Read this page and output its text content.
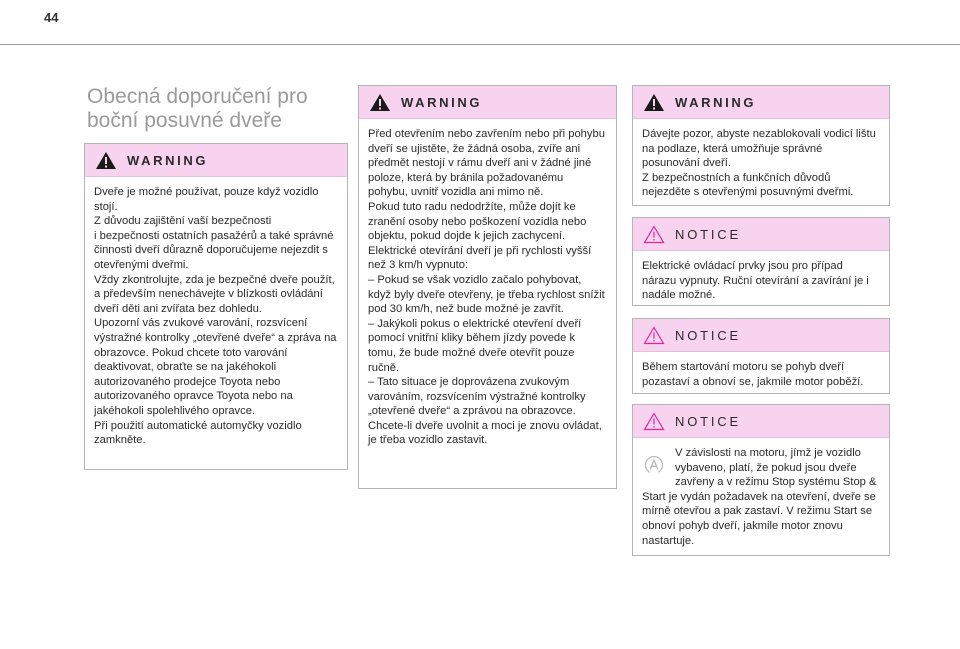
44
Obecná doporučení pro boční posuvné dveře
WARNING
Dveře je možné používat, pouze když vozidlo stojí.
Z důvodu zajištění vaší bezpečnosti
i bezpečnosti ostatních pasažérů a také správné činnosti dveří důrazně doporučujeme nejezdit s otevřenými dveřmi.
Vždy zkontrolujte, zda je bezpečné dveře použít, a především nenechávejte v blízkosti ovládání dveří děti ani zvířata bez dohledu.
Upozorní vás zvukové varování, rozsvícení výstražné kontrolky „otevřené dveře“ a zpráva na obrazovce. Pokud chcete toto varování deaktivovat, obraťte se na jakéhokoli autorizovaného prodejce Toyota nebo autorizovaného opravce Toyota nebo na jakéhokoli spolehlivého opravce.
Při použití automatické automyčky vozidlo zamkněte.
WARNING
Před otevřením nebo zavřením nebo při pohybu dveří se ujistěte, že žádná osoba, zvíře ani předmět nestojí v rámu dveří ani v žádné jiné poloze, která by bránila požadovanému pohybu, uvnitř vozidla ani mimo ně.
Pokud tuto radu nedodržíte, může dojít ke zranění osoby nebo poškození vozidla nebo objektu, pokud dojde k jejich zachycení.
Elektrické otevírání dveří je při rychlosti vyšší než 3 km/h vypnuto:
– Pokud se však vozidlo začalo pohybovat, když byly dveře otevřeny, je třeba rychlost snížit pod 30 km/h, než bude možné je zavřít.
– Jakýkoli pokus o elektrické otevření dveří pomocí vnitřní kliky během jízdy povede k tomu, že bude možné dveře otevřít pouze ručně.
– Tato situace je doprovázena zvukovým varováním, rozsvícením výstražné kontrolky „otevřené dveře“ a zprávou na obrazovce. Chcete-li dveře uvolnit a moci je znovu ovládat, je třeba vozidlo zastavit.
WARNING
Dávejte pozor, abyste nezablokovali vodicí lištu na podlaze, která umožňuje správné posunování dveří.
Z bezpečnostních a funkčních důvodů nejezděte s otevřenými posuvnými dveřmi.
NOTICE
Elektrické ovládací prvky jsou pro případ nárazu vypnuty. Ruční otevírání a zavírání je i nadále možné.
NOTICE
Během startování motoru se pohyb dveří pozastaví a obnoví se, jakmile motor poběží.
NOTICE
V závislosti na motoru, jímž je vozidlo vybaveno, platí, že pokud jsou dveře zavřeny a v režimu Stop systému Stop & Start je vydán požadavek na otevření, dveře se mírně otevřou a pak zastaví. V režimu Start se obnoví pohyb dveří, jakmile motor znovu nastartuje.
